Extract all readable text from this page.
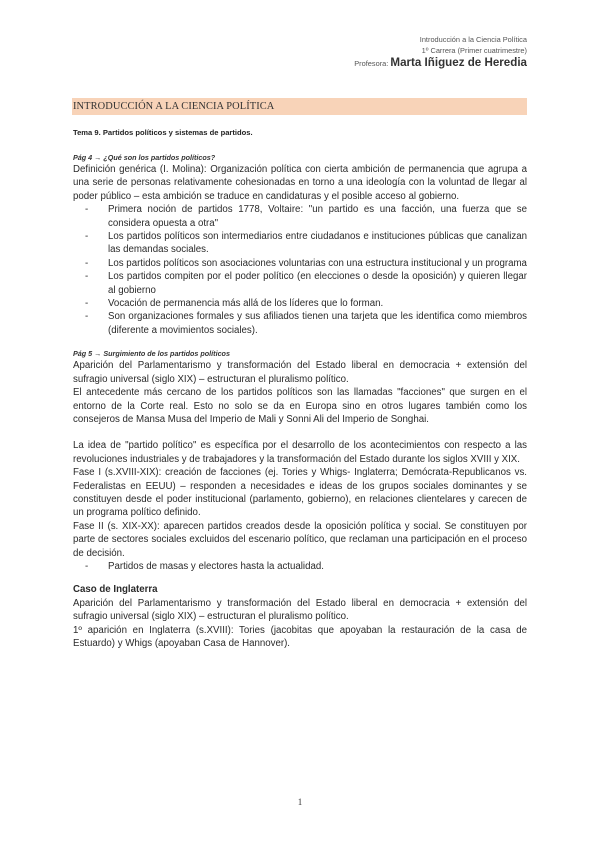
Introducción a la Ciencia Política
1º Carrera (Primer cuatrimestre)
Profesora: Marta Iñiguez de Heredia
INTRODUCCIÓN A LA CIENCIA POLÍTICA
Tema 9. Partidos políticos y sistemas de partidos.
Pág 4 → ¿Qué son los partidos políticos?

Definición genérica (I. Molina): Organización política con cierta ambición de permanencia que agrupa a una serie de personas relativamente cohesionadas en torno a una ideología con la voluntad de llegar al poder público – esta ambición se traduce en candidaturas y el posible acceso al gobierno.

- Primera noción de partidos 1778, Voltaire: "un partido es una facción, una fuerza que se considera opuesta a otra"
- Los partidos políticos son intermediarios entre ciudadanos e instituciones públicas que canalizan las demandas sociales.
- Los partidos políticos son asociaciones voluntarias con una estructura institucional y un programa
- Los partidos compiten por el poder político (en elecciones o desde la oposición) y quieren llegar al gobierno
- Vocación de permanencia más allá de los líderes que lo forman.
- Son organizaciones formales y sus afiliados tienen una tarjeta que les identifica como miembros (diferente a movimientos sociales).
Pág 5 → Surgimiento de los partidos políticos

Aparición del Parlamentarismo y transformación del Estado liberal en democracia + extensión del sufragio universal (siglo XIX) – estructuran el pluralismo político.

El antecedente más cercano de los partidos políticos son las llamadas "facciones" que surgen en el entorno de la Corte real. Esto no solo se da en Europa sino en otros lugares también como los consejeros de Mansa Musa del Imperio de Mali y Sonni Ali del Imperio de Songhai.

La idea de "partido político" es específica por el desarrollo de los acontecimientos con respecto a las revoluciones industriales y de trabajadores y la transformación del Estado durante los siglos XVIII y XIX.

Fase I (s.XVIII-XIX): creación de facciones (ej. Tories y Whigs- Inglaterra; Demócrata-Republicanos vs. Federalistas en EEUU) – responden a necesidades e ideas de los grupos sociales dominantes y se constituyen desde el poder institucional (parlamento, gobierno), en relaciones clientelares y carecen de un programa político definido.

Fase II (s. XIX-XX): aparecen partidos creados desde la oposición política y social. Se constituyen por parte de sectores sociales excluidos del escenario político, que reclaman una participación en el proceso de decisión.

- Partidos de masas y electores hasta la actualidad.
Caso de Inglaterra

Aparición del Parlamentarismo y transformación del Estado liberal en democracia + extensión del sufragio universal (siglo XIX) – estructuran el pluralismo político.

1º aparición en Inglaterra (s.XVIII): Tories (jacobitas que apoyaban la restauración de la casa de Estuardo) y Whigs (apoyaban Casa de Hannover).

1
